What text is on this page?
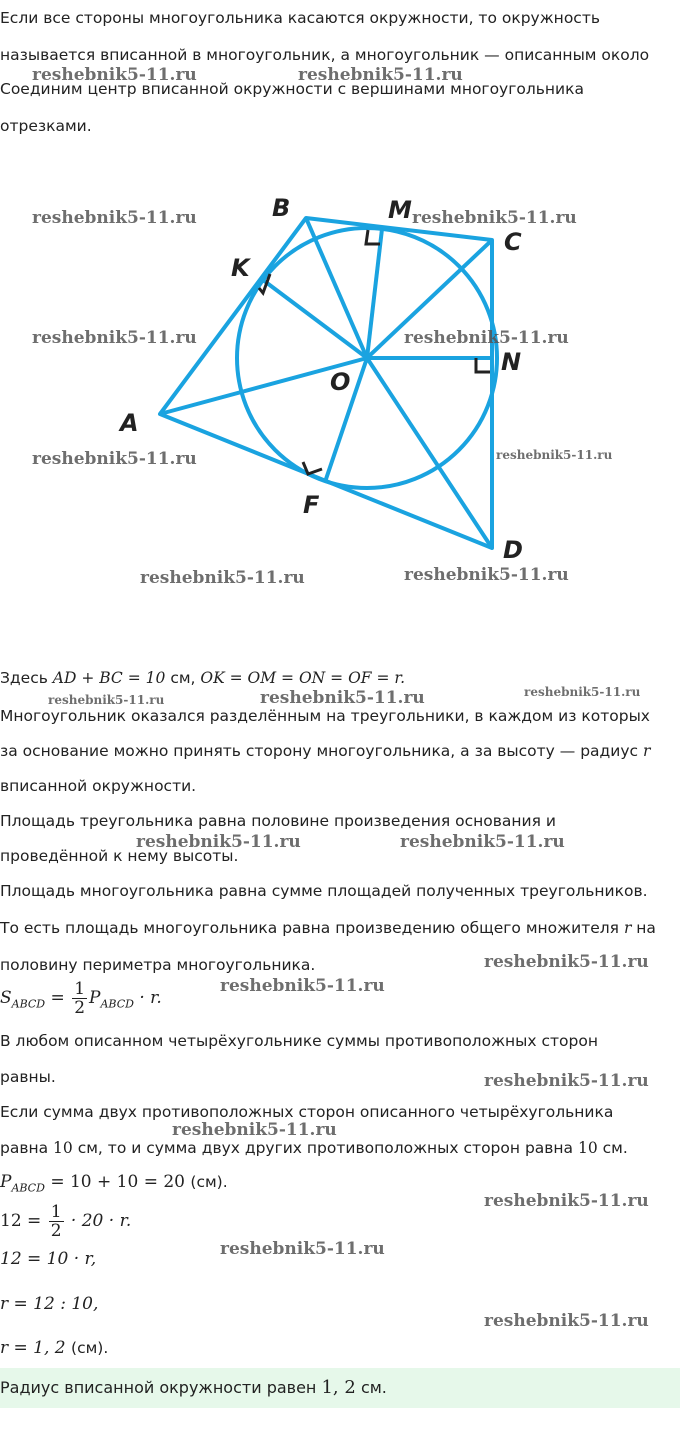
Если все стороны многоугольника касаются окружности, то окружность
называется вписанной в многоугольник, а многоугольник — описанным около
Соединим центр вписанной окружности с вершинами многоугольника
отрезками.
B	M
C
K
N
O
A
F
D
Здесь AD + BC = 10 см, OK = OM = ON = OF = r.
Многоугольник оказался разделённым на треугольники, в каждом из которых
за основание можно принять сторону многоугольника, а за высоту — радиус r
вписанной окружности.
Площадь треугольника равна половине произведения основания и
проведённой к нему высоты.
Площадь многоугольника равна сумме площадей полученных треугольников.
То есть площадь многоугольника равна произведению общего множителя r на
половину периметра многоугольника.
$S_{ABCD} = \frac{1}{2} P_{ABCD} \cdot r$.
В любом описанном четырёхугольнике суммы противоположных сторон
равны.
Если сумма двух противоположных сторон описанного четырёхугольника
равна 10 см, то и сумма двух других противоположных сторон равна 10 см.
$P_{ABCD} = 10 + 10 = 20$ (см).
$12 = \frac{1}{2} \cdot 20 \cdot r$.
12 = 10 · r,
r = 12 : 10,
r = 1, 2 (см).
Радиус вписанной окружности равен 1, 2 см.
reshebnik5-11.ru	reshebnik5-11.ru
reshebnik5-11.ru	reshebnik5-11.ru
reshebnik5-11.ru	reshebnik5-11.ru
reshebnik5-11.ru
reshebnik5-11.ru
reshebnik5-11.ru	reshebnik5-11.ru
reshebnik5-11.ru	reshebnik5-11.ru	reshebnik5-11.ru
reshebnik5-11.ru	reshebnik5-11.ru
reshebnik5-11.ru
reshebnik5-11.ru
reshebnik5-11.ru
reshebnik5-11.ru
reshebnik5-11.ru
reshebnik5-11.ru
reshebnik5-11.ru
